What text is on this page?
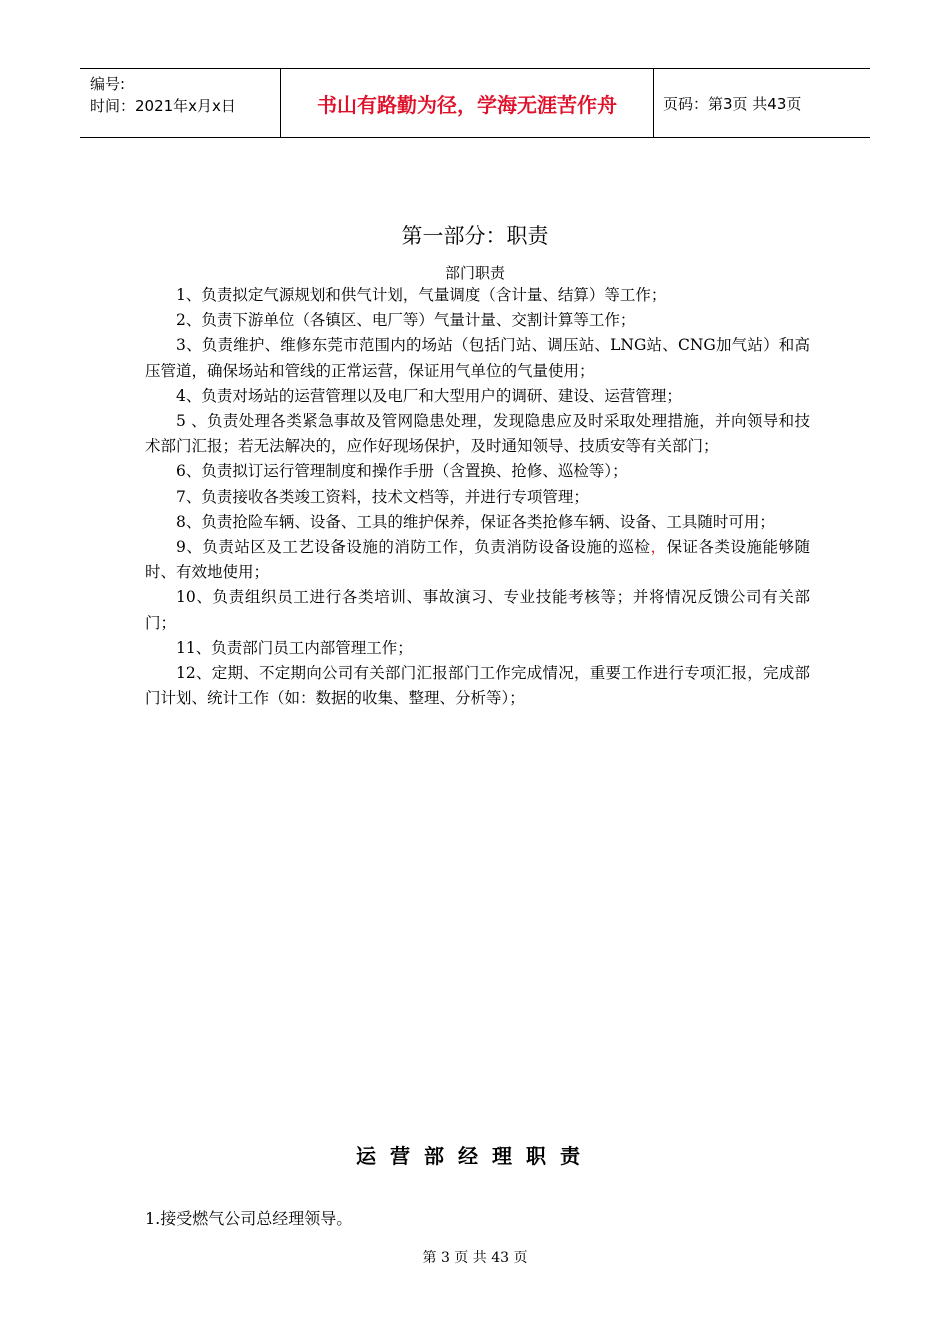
编号:
时间：2021年x月x日	书山有路勤为径，学海无涯苦作舟	页码：第3页 共43页
第一部分：职责
部门职责

1、负责拟定气源规划和供气计划，气量调度（含计量、结算）等工作；

2、负责下游单位（各镇区、电厂等）气量计量、交割计算等工作；

3、负责维护、维修东莞市范围内的场站（包括门站、调压站、LNG站、CNG加气站）和高压管道，确保场站和管线的正常运营，保证用气单位的气量使用；

4、负责对场站的运营管理以及电厂和大型用户的调研、建设、运营管理；

5 、负责处理各类紧急事故及管网隐患处理，发现隐患应及时采取处理措施，并向领导和技术部门汇报；若无法解决的，应作好现场保护，及时通知领导、技质安等有关部门；

6、负责拟订运行管理制度和操作手册（含置换、抢修、巡检等）；

7、负责接收各类竣工资料，技术文档等，并进行专项管理；

8、负责抢险车辆、设备、工具的维护保养，保证各类抢修车辆、设备、工具随时可用；

9、负责站区及工艺设备设施的消防工作，负责消防设备设施的巡检，保证各类设施能够随时、有效地使用；

10、负责组织员工进行各类培训、事故演习、专业技能考核等；并将情况反馈公司有关部门；

11、负责部门员工内部管理工作；

12、定期、不定期向公司有关部门汇报部门工作完成情况，重要工作进行专项汇报，完成部门计划、统计工作（如：数据的收集、整理、分析等）；

运营部经理职责
1.接受燃气公司总经理领导。
第 3 页 共 43 页
